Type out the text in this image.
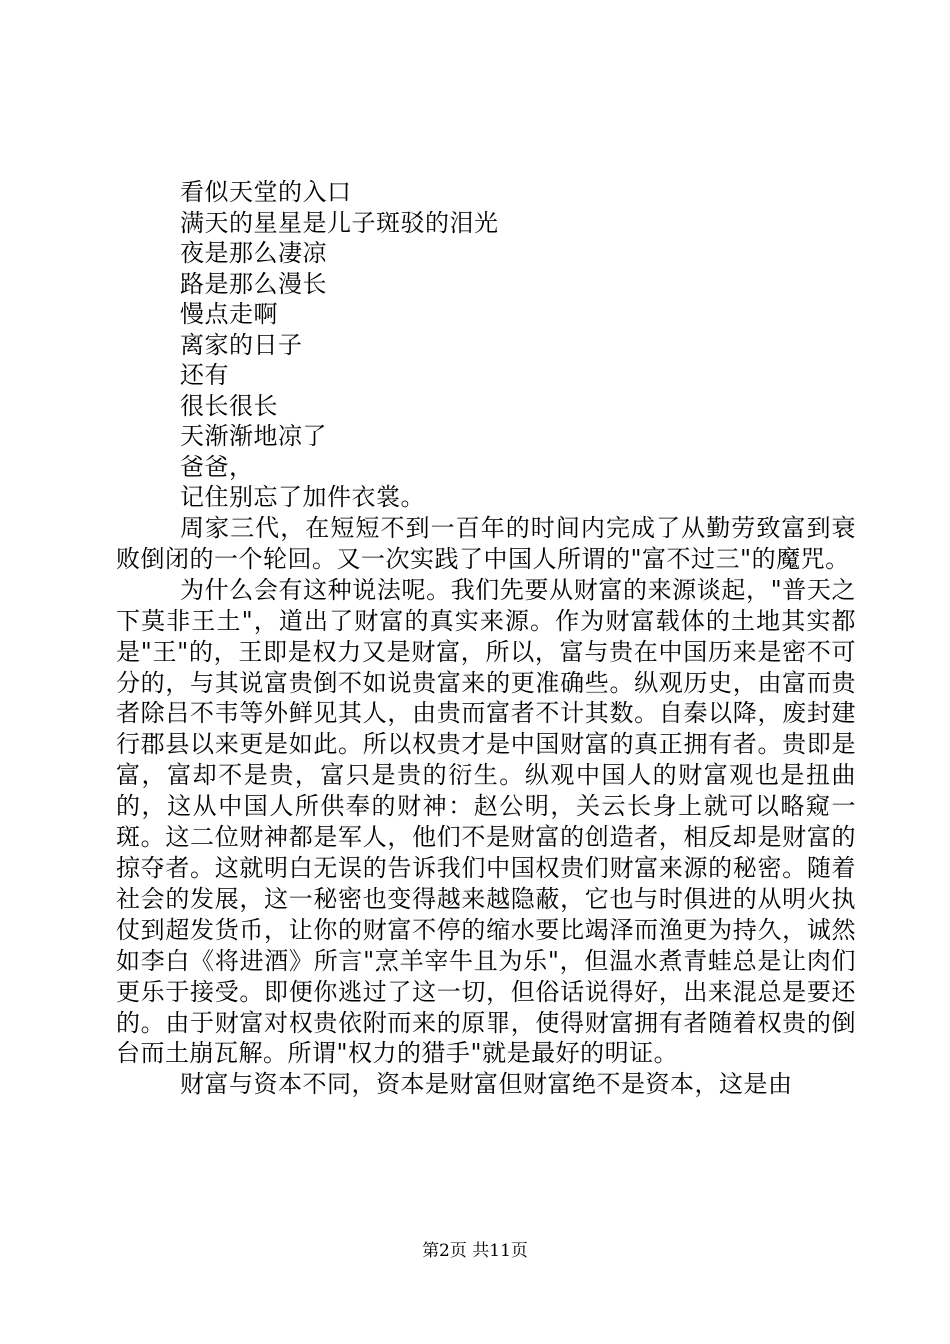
看似天堂的入口
满天的星星是儿子斑驳的泪光
夜是那么凄凉
路是那么漫长
慢点走啊
离家的日子
还有
很长很长
天渐渐地凉了
爸爸，
记住别忘了加件衣裳。

周家三代，在短短不到一百年的时间内完成了从勤劳致富到衰败倒闭的一个轮回。又一次实践了中国人所谓的"富不过三"的魔咒。

为什么会有这种说法呢。我们先要从财富的来源谈起，"普天之下莫非王土"，道出了财富的真实来源。作为财富载体的土地其实都是"王"的，王即是权力又是财富，所以，富与贵在中国历来是密不可分的，与其说富贵倒不如说贵富来的更准确些。纵观历史，由富而贵者除吕不韦等外鲜见其人，由贵而富者不计其数。自秦以降，废封建行郡县以来更是如此。所以权贵才是中国财富的真正拥有者。贵即是富，富却不是贵，富只是贵的衍生。纵观中国人的财富观也是扭曲的，这从中国人所供奉的财神：赵公明，关云长身上就可以略窥一斑。这二位财神都是军人，他们不是财富的创造者，相反却是财富的掠夺者。这就明白无误的告诉我们中国权贵们财富来源的秘密。随着社会的发展，这一秘密也变得越来越隐蔽，它也与时俱进的从明火执仗到超发货币，让你的财富不停的缩水要比竭泽而渔更为持久，诚然如李白《将进酒》所言"烹羊宰牛且为乐"，但温水煮青蛙总是让肉们更乐于接受。即便你逃过了这一切，但俗话说得好，出来混总是要还的。由于财富对权贵依附而来的原罪，使得财富拥有者随着权贵的倒台而土崩瓦解。所谓"权力的猎手"就是最好的明证。

财富与资本不同，资本是财富但财富绝不是资本，这是由

第2页 共11页
